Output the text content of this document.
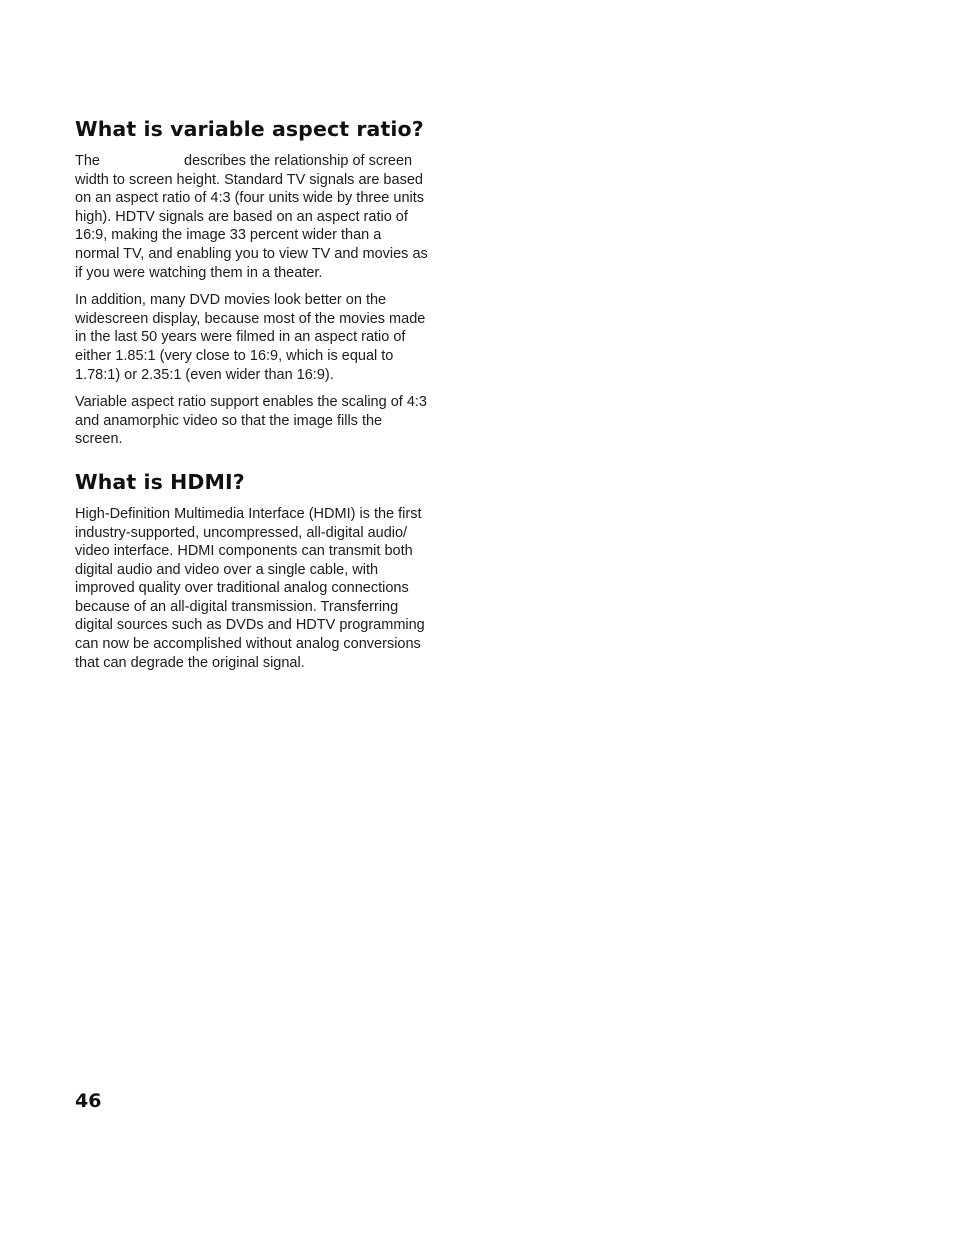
What is variable aspect ratio?

The	describes the relationship of screen
width to screen height. Standard TV signals are based
on an aspect ratio of 4:3 (four units wide by three units
high). HDTV signals are based on an aspect ratio of
16:9, making the image 33 percent wider than a
normal TV, and enabling you to view TV and movies as
if you were watching them in a theater.

In addition, many DVD movies look better on the
widescreen display, because most of the movies made
in the last 50 years were filmed in an aspect ratio of
either 1.85:1 (very close to 16:9, which is equal to
1.78:1) or 2.35:1 (even wider than 16:9).

Variable aspect ratio support enables the scaling of 4:3
and anamorphic video so that the image fills the
screen.

What is HDMI?

High-Definition Multimedia Interface (HDMI) is the first
industry-supported, uncompressed, all-digital audio/
video interface. HDMI components can transmit both
digital audio and video over a single cable, with
improved quality over traditional analog connections
because of an all-digital transmission. Transferring
digital sources such as DVDs and HDTV programming
can now be accomplished without analog conversions
that can degrade the original signal.

46
